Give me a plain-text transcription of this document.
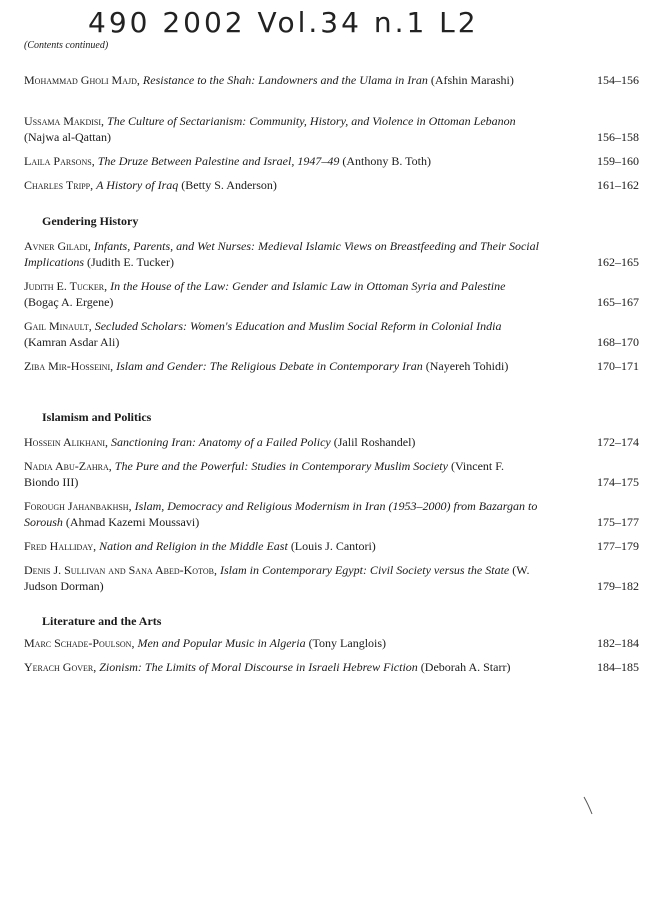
490 2002 Vol.34 n.1 L2
(Contents continued)
Mohammad Gholi Majd, Resistance to the Shah: Landowners and the Ulama in Iran (Afshin Marashi)	154–156
Ussama Makdisi, The Culture of Sectarianism: Community, History, and Violence in Ottoman Lebanon (Najwa al-Qattan)	156–158
Laila Parsons, The Druze Between Palestine and Israel, 1947–49 (Anthony B. Toth)	159–160
Charles Tripp, A History of Iraq (Betty S. Anderson)	161–162
Gendering History
Avner Giladi, Infants, Parents, and Wet Nurses: Medieval Islamic Views on Breastfeeding and Their Social Implications (Judith E. Tucker)	162–165
Judith E. Tucker, In the House of the Law: Gender and Islamic Law in Ottoman Syria and Palestine (Bogaç A. Ergene)	165–167
Gail Minault, Secluded Scholars: Women's Education and Muslim Social Reform in Colonial India (Kamran Asdar Ali)	168–170
Ziba Mir-Hosseini, Islam and Gender: The Religious Debate in Contemporary Iran (Nayereh Tohidi)	170–171
Islamism and Politics
Hossein Alikhani, Sanctioning Iran: Anatomy of a Failed Policy (Jalil Roshandel)	172–174
Nadia Abu-Zahra, The Pure and the Powerful: Studies in Contemporary Muslim Society (Vincent F. Biondo III)	174–175
Forough Jahanbakhsh, Islam, Democracy and Religious Modernism in Iran (1953–2000) from Bazargan to Soroush (Ahmad Kazemi Moussavi)	175–177
Fred Halliday, Nation and Religion in the Middle East (Louis J. Cantori)	177–179
Denis J. Sullivan and Sana Abed-Kotob, Islam in Contemporary Egypt: Civil Society versus the State (W. Judson Dorman)	179–182
Literature and the Arts
Marc Schade-Poulson, Men and Popular Music in Algeria (Tony Langlois)	182–184
Yerach Gover, Zionism: The Limits of Moral Discourse in Israeli Hebrew Fiction (Deborah A. Starr)	184–185
